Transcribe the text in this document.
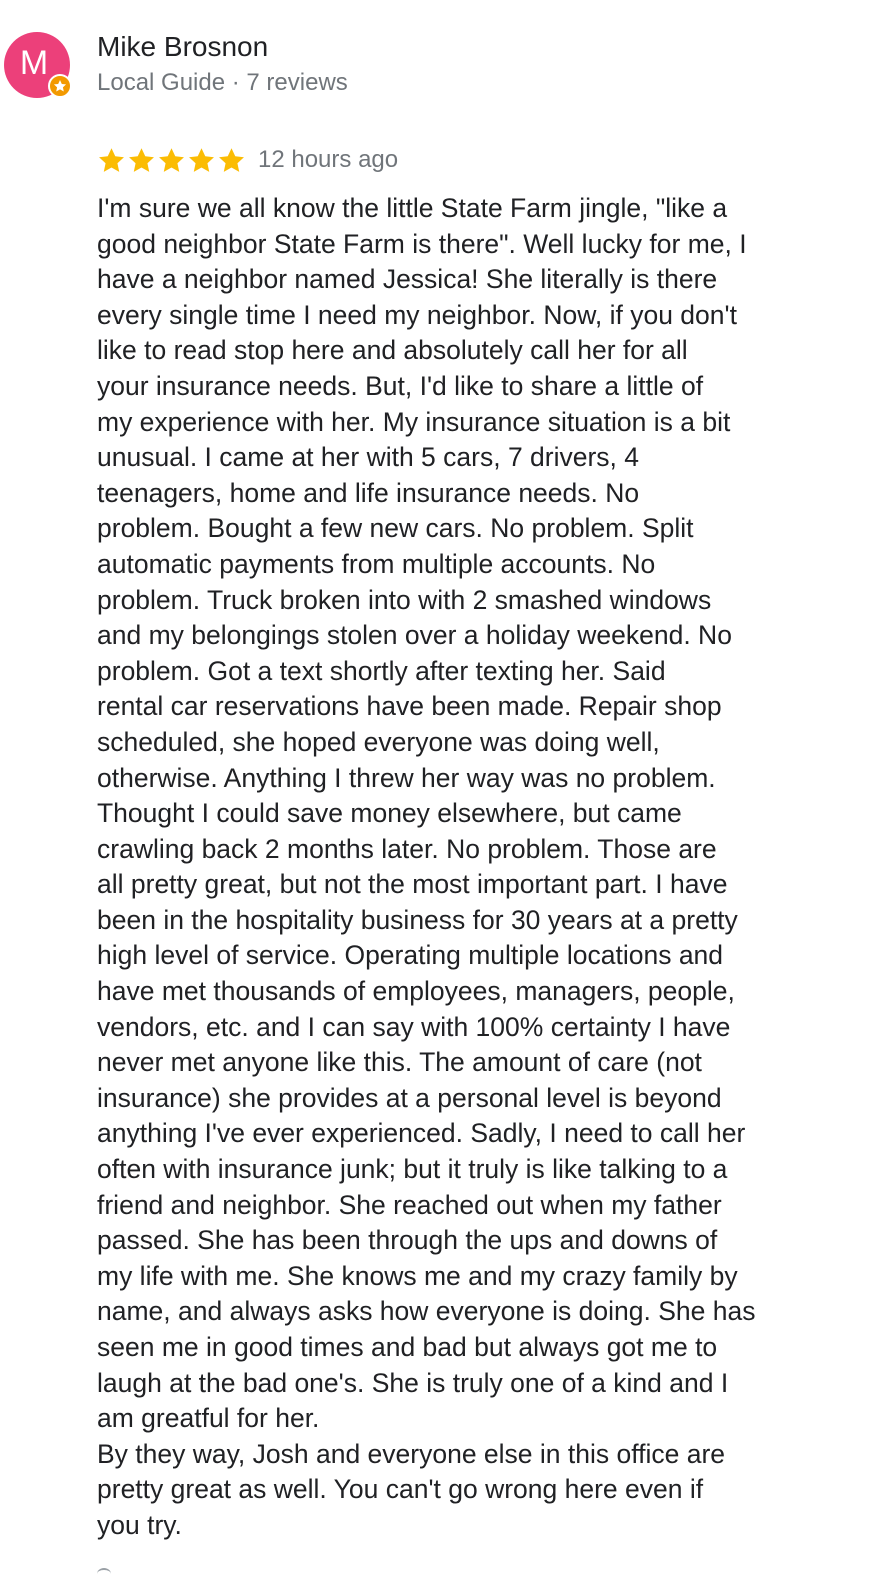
M	Mike Brosnon
Local Guide · 7 reviews
12 hours ago

I'm sure we all know the little State Farm jingle, "like a
good neighbor State Farm is there". Well lucky for me, I
have a neighbor named Jessica! She literally is there
every single time I need my neighbor. Now, if you don't
like to read stop here and absolutely call her for all
your insurance needs. But, I'd like to share a little of
my experience with her. My insurance situation is a bit
unusual. I came at her with 5 cars, 7 drivers, 4
teenagers, home and life insurance needs. No
problem. Bought a few new cars. No problem. Split
automatic payments from multiple accounts. No
problem. Truck broken into with 2 smashed windows
and my belongings stolen over a holiday weekend. No
problem. Got a text shortly after texting her. Said
rental car reservations have been made. Repair shop
scheduled, she hoped everyone was doing well,
otherwise. Anything I threw her way was no problem.
Thought I could save money elsewhere, but came
crawling back 2 months later. No problem. Those are
all pretty great, but not the most important part. I have
been in the hospitality business for 30 years at a pretty
high level of service. Operating multiple locations and
have met thousands of employees, managers, people,
vendors, etc. and I can say with 100% certainty I have
never met anyone like this. The amount of care (not
insurance) she provides at a personal level is beyond
anything I've ever experienced. Sadly, I need to call her
often with insurance junk; but it truly is like talking to a
friend and neighbor. She reached out when my father
passed. She has been through the ups and downs of
my life with me. She knows me and my crazy family by
name, and always asks how everyone is doing. She has
seen me in good times and bad but always got me to
laugh at the bad one's. She is truly one of a kind and I
am greatful for her.
By they way, Josh and everyone else in this office are
pretty great as well. You can't go wrong here even if
you try.
